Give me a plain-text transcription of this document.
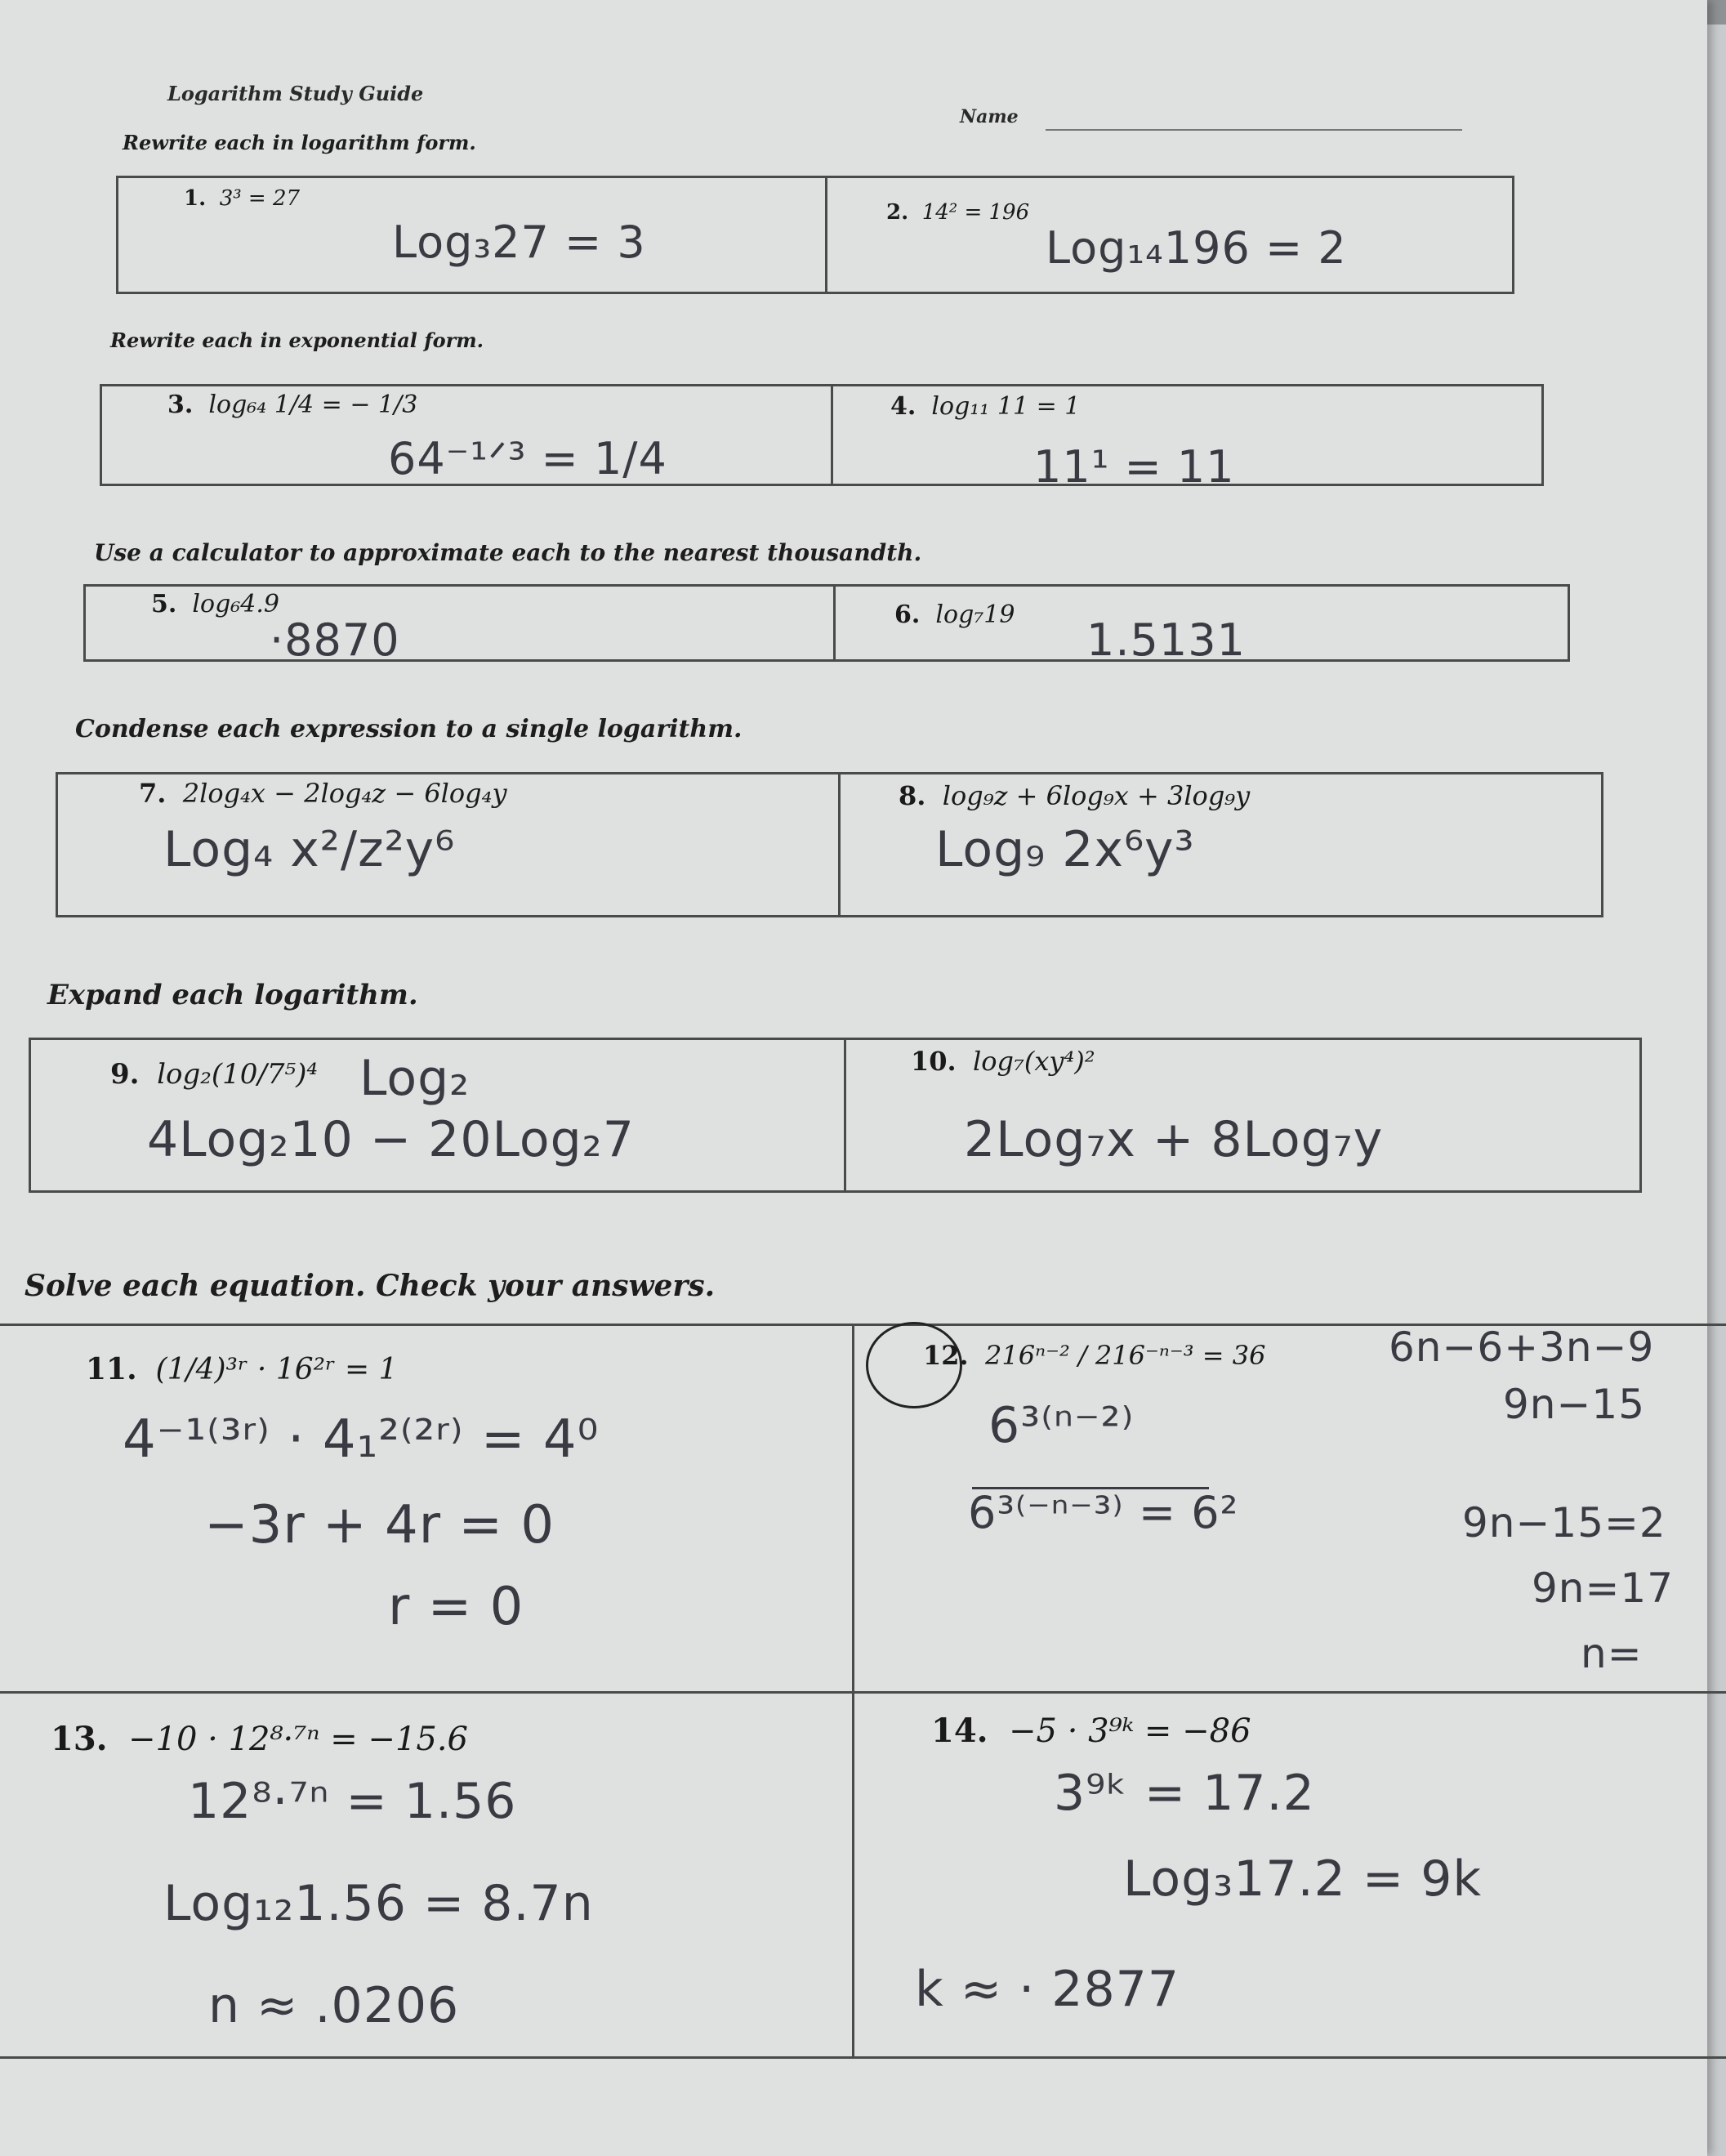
Logarithm Study Guide
Name
Rewrite each in logarithm form.
1. 3³ = 27
Log₃27 = 3
2. 14² = 196
Log₁₄196 = 2
Rewrite each in exponential form.
3. log₆₄ 1/4 = − 1/3
64⁻¹ᐟ³ = 1/4
4. log₁₁ 11 = 1
11¹ = 11
Use a calculator to approximate each to the nearest thousandth.
5. log₆4.9
·8870	6. log₇19 1.5131
Condense each expression to a single logarithm.
7. 2log₄x − 2log₄z − 6log₄y
Log₄ x²/z²y⁶
8. log₉z + 6log₉x + 3log₉y
Log₉ 2x⁶y³
Expand each logarithm.
9. log₂(10/7⁵)⁴ Log₂
4Log₂10 − 20Log₂7
10. log₇(xy⁴)²
2Log₇x + 8Log₇y
Solve each equation. Check your answers.
11. (1/4)³ʳ · 16²ʳ = 1
4⁻¹⁽³ʳ⁾ · 4₁²⁽²ʳ⁾ = 4⁰
−3r + 4r = 0
r = 0
12. 216ⁿ⁻² / 216⁻ⁿ⁻³ = 36
6³⁽ⁿ⁻²⁾
6³⁽⁻ⁿ⁻³⁾ = 6²
6n−6+3n−9
9n−15
9n−15=2
9n=17
n=
13. −10 · 12⁸·⁷ⁿ = −15.6
12⁸·⁷ⁿ = 1.56
Log₁₂1.56 = 8.7n
n ≈ .0206
14. −5 · 3⁹ᵏ = −86
3⁹ᵏ = 17.2
Log₃17.2 = 9k
k ≈ · 2877
